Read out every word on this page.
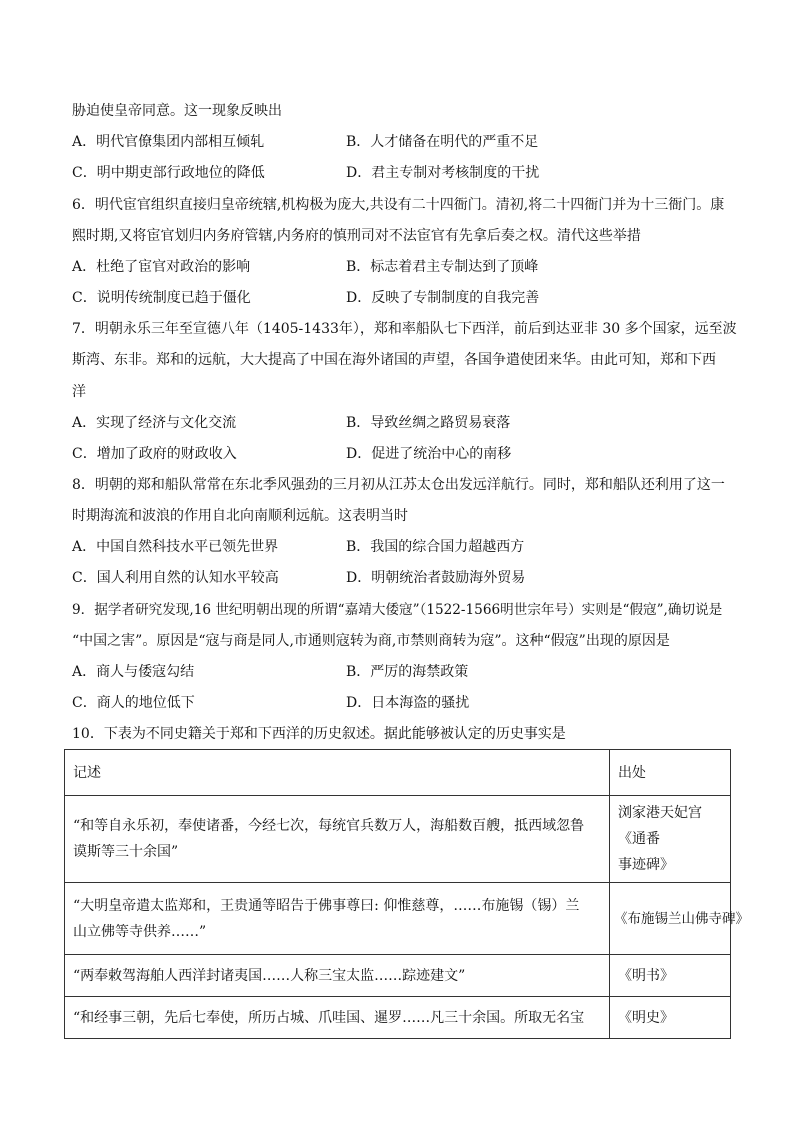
胁迫使皇帝同意。这一现象反映出
A．明代官僚集团内部相互倾轧	B．人才储备在明代的严重不足
C．明中期吏部行政地位的降低	D．君主专制对考核制度的干扰
6．明代宦官组织直接归皇帝统辖,机构极为庞大,共设有二十四衙门。清初,将二十四衙门并为十三衙门。康
熙时期,又将宦官划归内务府管辖,内务府的慎刑司对不法宦官有先拿后奏之权。清代这些举措
A．杜绝了宦官对政治的影响	B．标志着君主专制达到了顶峰
C．说明传统制度已趋于僵化	D．反映了专制制度的自我完善
7．明朝永乐三年至宣德八年（1405-1433年），郑和率船队七下西洋，前后到达亚非 30 多个国家，远至波
斯湾、东非。郑和的远航，大大提高了中国在海外诸国的声望，各国争遣使团来华。由此可知，郑和下西
洋
A．实现了经济与文化交流	B．导致丝绸之路贸易衰落
C．增加了政府的财政收入	D．促进了统治中心的南移
8．明朝的郑和船队常常在东北季风强劲的三月初从江苏太仓出发远洋航行。同时，郑和船队还利用了这一
时期海流和波浪的作用自北向南顺利远航。这表明当时
A．中国自然科技水平已领先世界	B．我国的综合国力超越西方
C．国人利用自然的认知水平较高	D．明朝统治者鼓励海外贸易
9．据学者研究发现,16 世纪明朝出现的所谓“嘉靖大倭寇”（1522-1566明世宗年号）实则是“假寇”,确切说是
“中国之害”。原因是“寇与商是同人,市通则寇转为商,市禁则商转为寇”。这种“假寇”出现的原因是
A．商人与倭寇勾结	B．严厉的海禁政策
C．商人的地位低下	D．日本海盗的骚扰
10．下表为不同史籍关于郑和下西洋的历史叙述。据此能够被认定的历史事实是
记述	出处
“和等自永乐初，奉使诸番，今经七次，每统官兵数万人，海船数百艘，抵西域忽鲁
谟斯等三十余国”	浏家港天妃宫《通番
事迹碑》
“大明皇帝遣太监郑和，王贵通等昭告于佛事尊曰: 仰惟慈尊，……布施锡（锡）兰
山立佛等寺供养……”	《布施锡兰山佛寺碑》
“两奉敕驾海舶人西洋封诸夷国……人称三宝太监……踪迹建文”	《明书》
“和经事三朝，先后七奉使，所历占城、爪哇国、暹罗……凡三十余国。所取无名宝	《明史》
